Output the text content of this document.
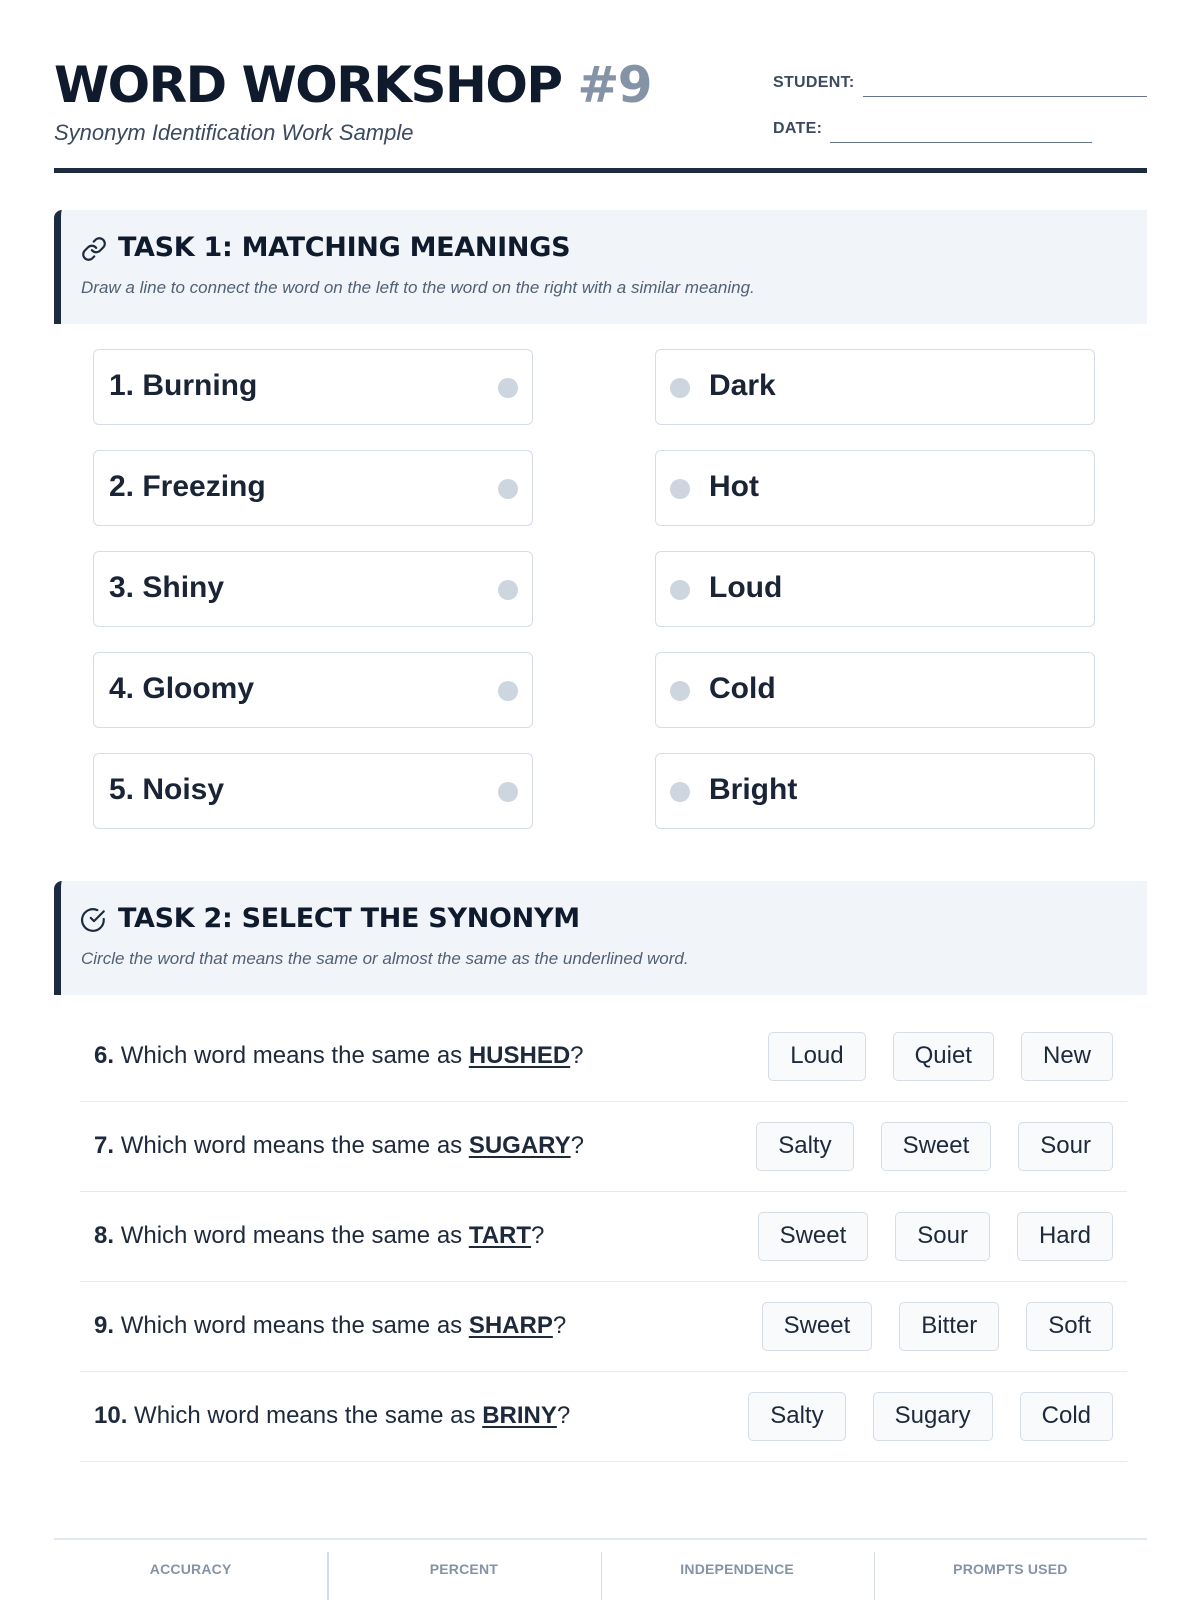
WORD WORKSHOP #9
Synonym Identification Work Sample
STUDENT:
DATE:
TASK 1: MATCHING MEANINGS
Draw a line to connect the word on the left to the word on the right with a similar meaning.
1. Burning
2. Freezing
3. Shiny
4. Gloomy
5. Noisy
Dark
Hot
Loud
Cold
Bright
TASK 2: SELECT THE SYNONYM
Circle the word that means the same or almost the same as the underlined word.
6. Which word means the same as HUSHED?	Loud	Quiet	New
7. Which word means the same as SUGARY?	Salty	Sweet	Sour
8. Which word means the same as TART?	Sweet	Sour	Hard
9. Which word means the same as SHARP?	Sweet	Bitter	Soft
10. Which word means the same as BRINY?	Salty	Sugary	Cold
ACCURACY	PERCENT	INDEPENDENCE	PROMPTS USED
